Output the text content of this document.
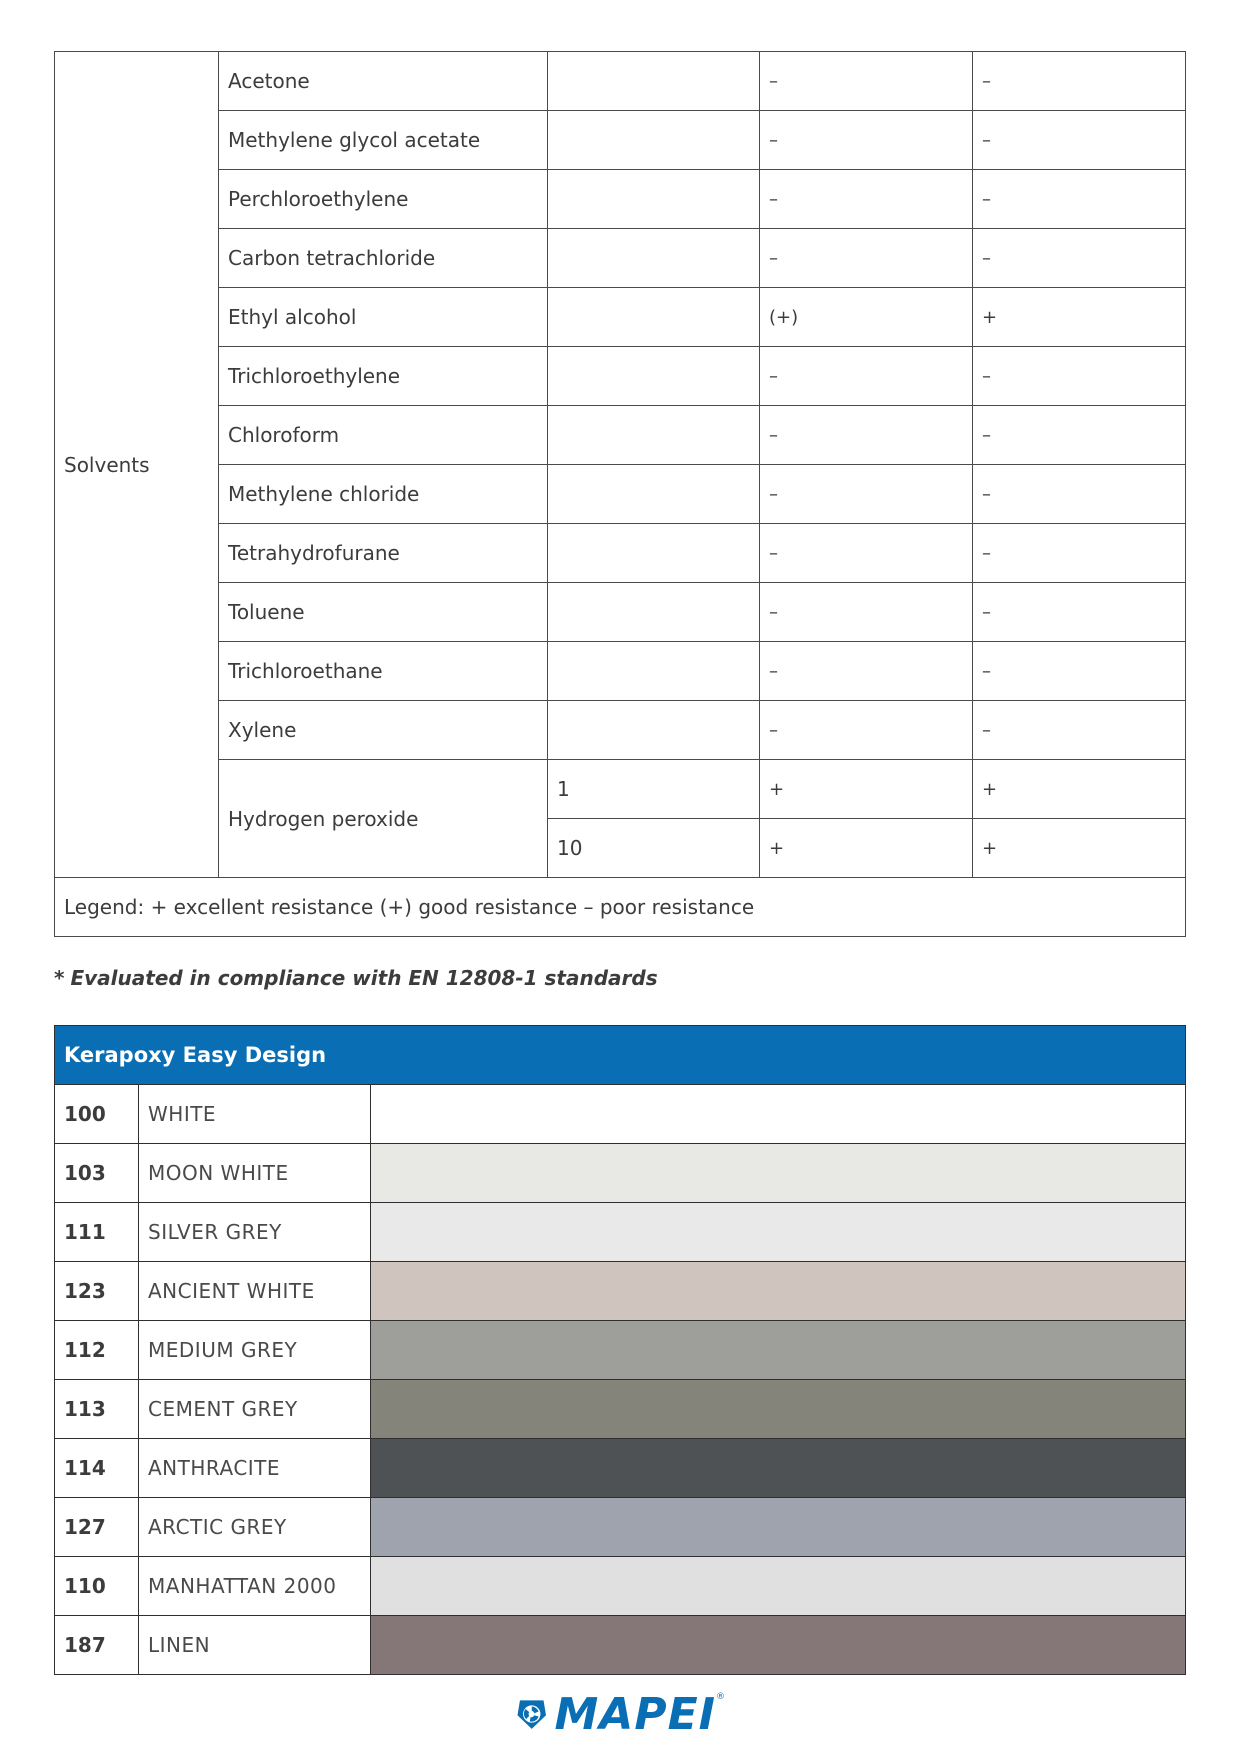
Solvents	Acetone		–	–
	Methylene glycol acetate		–	–
	Perchloroethylene		–	–
	Carbon tetrachloride		–	–
	Ethyl alcohol		(+)	+
	Trichloroethylene		–	–
	Chloroform		–	–
	Methylene chloride		–	–
	Tetrahydrofurane		–	–
	Toluene		–	–
	Trichloroethane		–	–
	Xylene		–	–
	Hydrogen peroxide	1	+	+
		10	+	+
Legend: + excellent resistance (+) good resistance – poor resistance				
* Evaluated in compliance with EN 12808-1 standards
Kerapoxy Easy Design		
100	WHITE	
103	MOON WHITE	
111	SILVER GREY	
123	ANCIENT WHITE	
112	MEDIUM GREY	
113	CEMENT GREY	
114	ANTHRACITE	
127	ARCTIC GREY	
110	MANHATTAN 2000	
187	LINEN	
MAPEI ®
